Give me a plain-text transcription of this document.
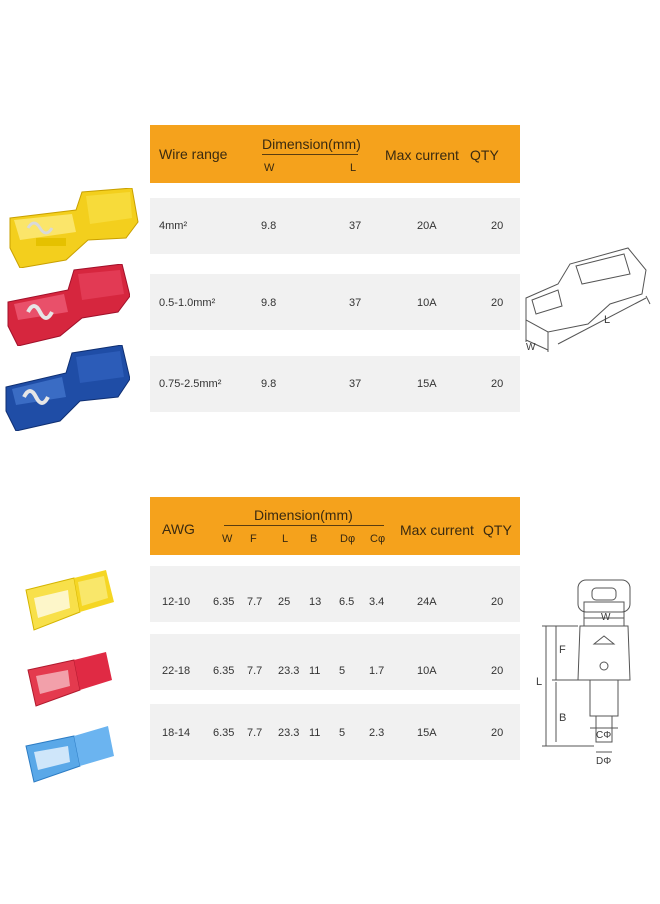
Wire range
Dimension(mm)
W	L
Max current QTY
4mm²	9.8	37	20A	20
0.5-1.0mm²	9.8	37	10A	20
0.75-2.5mm²	9.8	37	15A	20
L
W
AWG
Dimension(mm)
W F L B Dφ Cφ
Max current QTY
12-10 6.35 7.7 25 13 6.5 3.4	24A	20
22-18 6.35 7.7 23.3 11 5 1.7	10A	20
18-14 6.35 7.7 23.3 11 5 2.3	15A	20
W
F
L
B
CΦ
DΦ
